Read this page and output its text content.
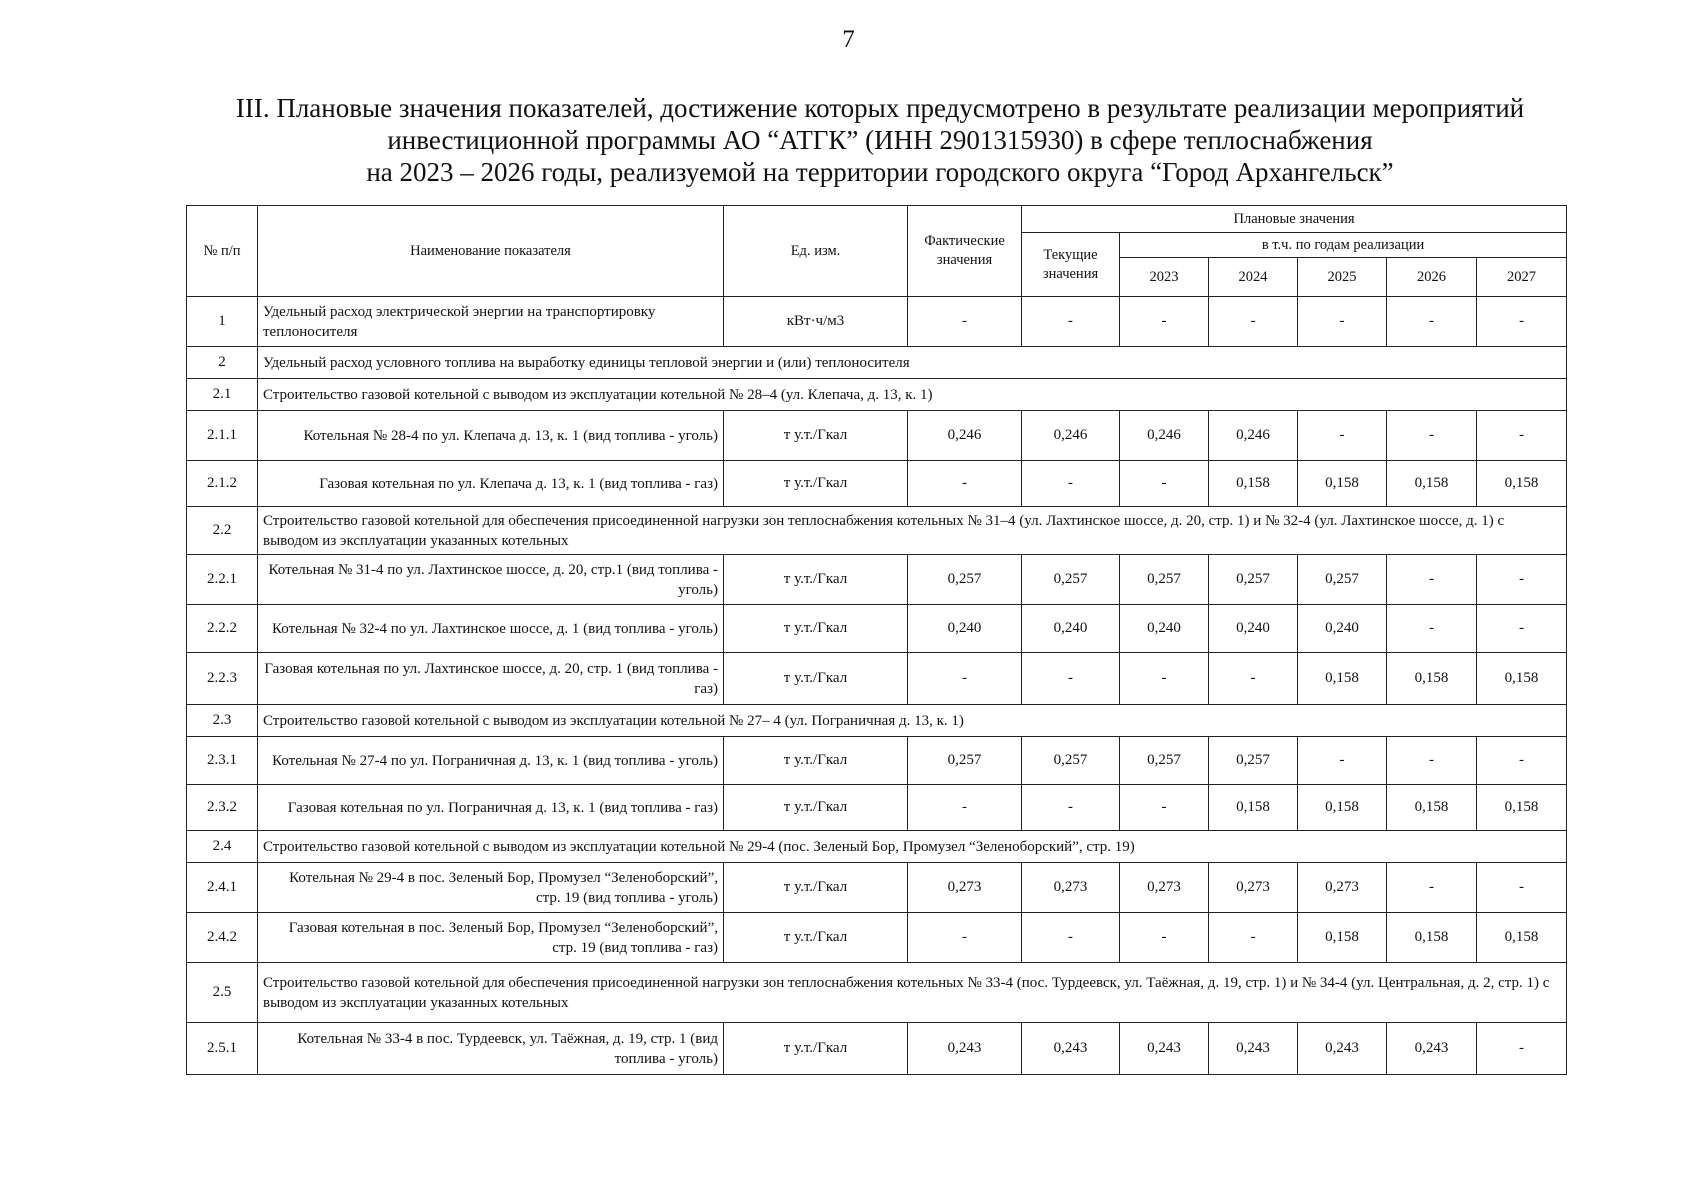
7
III. Плановые значения показателей, достижение которых предусмотрено в результате реализации мероприятий
инвестиционной программы АО “АТГК” (ИНН 2901315930) в сфере теплоснабжения
на 2023 – 2026 годы, реализуемой на территории городского округа “Город Архангельск”
№ п/п	Наименование показателя	Ед. изм.	Фактические значения	Плановые значения					
				Текущие значения	в т.ч. по годам реализации				
					2023	2024	2025	2026	2027
1	Удельный расход электрической энергии на транспортировку теплоносителя	кВт·ч/м3	-	-	-	-	-	-	-
2	Удельный расход условного топлива на выработку единицы тепловой энергии и (или) теплоносителя								
2.1	Строительство газовой котельной с выводом из эксплуатации котельной № 28–4 (ул. Клепача, д. 13, к. 1)								
2.1.1	Котельная № 28-4 по ул. Клепача д. 13, к. 1 (вид топлива - уголь)	т у.т./Гкал	0,246	0,246	0,246	0,246	-	-	-
2.1.2	Газовая котельная по ул. Клепача д. 13, к. 1 (вид топлива - газ)	т у.т./Гкал	-	-	-	0,158	0,158	0,158	0,158
2.2	Строительство газовой котельной для обеспечения присоединенной нагрузки зон теплоснабжения котельных № 31–4 (ул. Лахтинское шоссе, д. 20, стр. 1) и № 32-4 (ул. Лахтинское шоссе, д. 1) с выводом из эксплуатации указанных котельных								
2.2.1	Котельная № 31-4 по ул. Лахтинское шоссе, д. 20, стр.1 (вид топлива - уголь)	т у.т./Гкал	0,257	0,257	0,257	0,257	0,257	-	-
2.2.2	Котельная № 32-4 по ул. Лахтинское шоссе, д. 1 (вид топлива - уголь)	т у.т./Гкал	0,240	0,240	0,240	0,240	0,240	-	-
2.2.3	Газовая котельная по ул. Лахтинское шоссе, д. 20, стр. 1 (вид топлива - газ)	т у.т./Гкал	-	-	-	-	0,158	0,158	0,158
2.3	Строительство газовой котельной с выводом из эксплуатации котельной № 27– 4 (ул. Пограничная д. 13, к. 1)								
2.3.1	Котельная № 27-4 по ул. Пограничная д. 13, к. 1 (вид топлива - уголь)	т у.т./Гкал	0,257	0,257	0,257	0,257	-	-	-
2.3.2	Газовая котельная по ул. Пограничная д. 13, к. 1 (вид топлива - газ)	т у.т./Гкал	-	-	-	0,158	0,158	0,158	0,158
2.4	Строительство газовой котельной с выводом из эксплуатации котельной № 29-4 (пос. Зеленый Бор, Промузел “Зеленоборский”, стр. 19)								
2.4.1	Котельная № 29-4 в пос. Зеленый Бор, Промузел “Зеленоборский”, стр. 19 (вид топлива - уголь)	т у.т./Гкал	0,273	0,273	0,273	0,273	0,273	-	-
2.4.2	Газовая котельная в пос. Зеленый Бор, Промузел “Зеленоборский”, стр. 19 (вид топлива - газ)	т у.т./Гкал	-	-	-	-	0,158	0,158	0,158
2.5	Строительство газовой котельной для обеспечения присоединенной нагрузки зон теплоснабжения котельных № 33-4 (пос. Турдеевск, ул. Таёжная, д. 19, стр. 1) и № 34-4 (ул. Центральная, д. 2, стр. 1) с выводом из эксплуатации указанных котельных								
2.5.1	Котельная № 33-4 в пос. Турдеевск, ул. Таёжная, д. 19, стр. 1 (вид топлива - уголь)	т у.т./Гкал	0,243	0,243	0,243	0,243	0,243	0,243	-
